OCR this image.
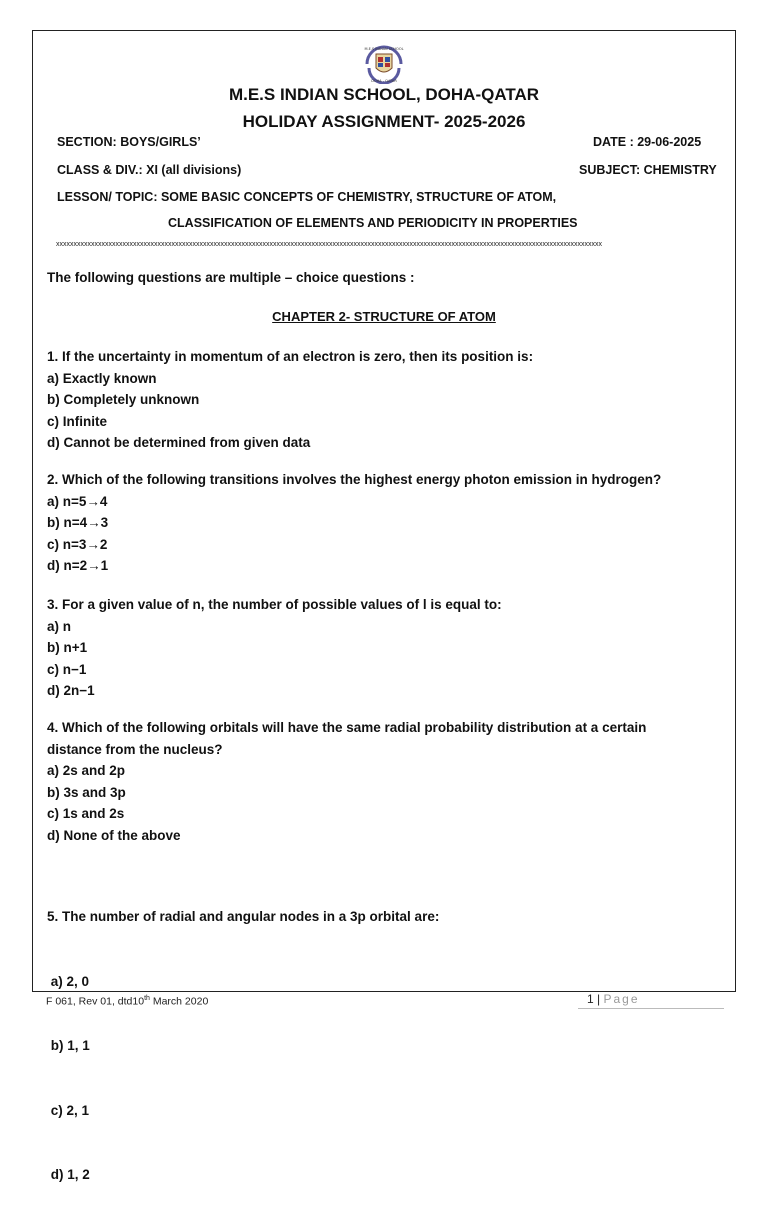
M.E.S INDIAN SCHOOL
DOHA - QATAR
M.E.S INDIAN SCHOOL, DOHA-QATAR
HOLIDAY ASSIGNMENT- 2025-2026
SECTION: BOYS/GIRLS’	DATE : 29-06-2025
CLASS & DIV.: XI (all divisions)	SUBJECT: CHEMISTRY
LESSON/ TOPIC: SOME BASIC CONCEPTS OF CHEMISTRY, STRUCTURE OF ATOM,
CLASSIFICATION OF ELEMENTS AND PERIODICITY IN PROPERTIES
xxxxxxxxxxxxxxxxxxxxxxxxxxxxxxxxxxxxxxxxxxxxxxxxxxxxxxxxxxxxxxxxxxxxxxxxxxxxxxxxxxxxxxxxxxxxxxxxxxxxxxxxxxxxxxxxxxxxxxxxxxxxxxxxxxxxxxxxxxxxxxxxxxxxxxxxxxxx
The following questions are multiple – choice questions :
CHAPTER 2- STRUCTURE OF ATOM
1. If the uncertainty in momentum of an electron is zero, then its position is:
a) Exactly known
b) Completely unknown
c) Infinite
d) Cannot be determined from given data
2. Which of the following transitions involves the highest energy photon emission in hydrogen?
a) n=5→4
b) n=4→3
c) n=3→2
d) n=2→1
3. For a given value of n, the number of possible values of l is equal to:
a) n
b) n+1
c) n−1
d) 2n−1
4. Which of the following orbitals will have the same radial probability distribution at a certain
distance from the nucleus?
a) 2s and 2p
b) 3s and 3p
c) 1s and 2s
d) None of the above

5. The number of radial and angular nodes in a 3p orbital are:

a) 2, 0

b) 1, 1

c) 2, 1

d) 1, 2

F 061, Rev 01, dtd10th March 2020	1 | Page
